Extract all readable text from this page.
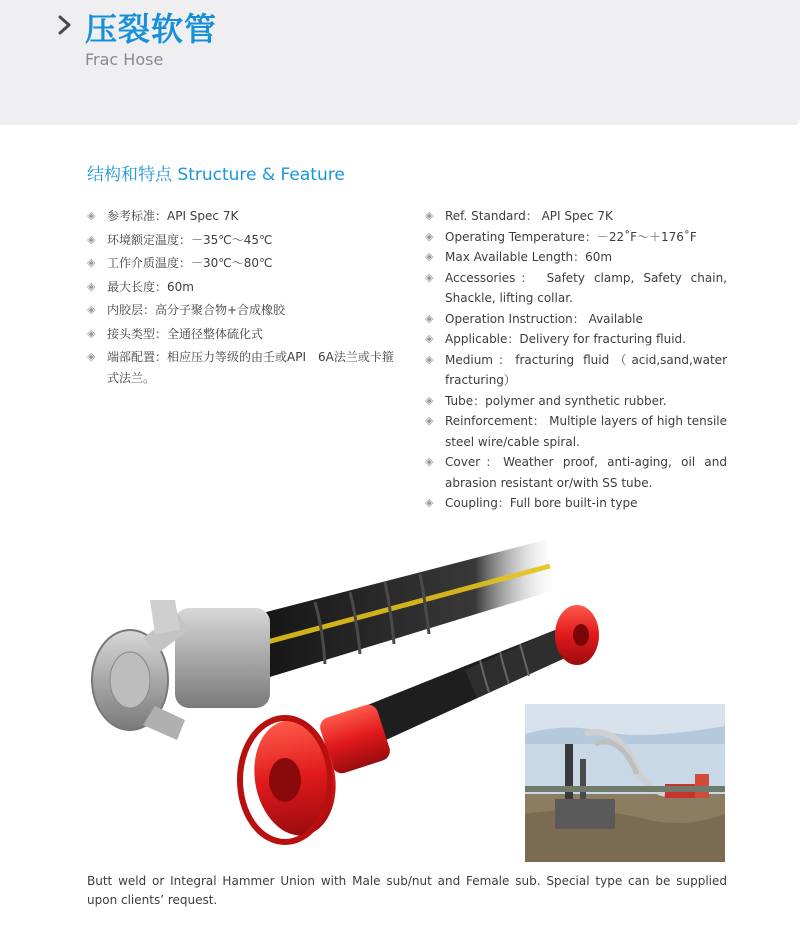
压裂软管
Frac Hose
结构和特点 Structure & Feature
◈ 参考标准：API Spec 7K
◈ 环境额定温度：－35℃～45℃
◈ 工作介质温度：－30℃～80℃
◈ 最大长度：60m
◈ 内胶层：高分子聚合物+合成橡胶
◈ 接头类型：全通径整体硫化式
◈ 端部配置：相应压力等级的由壬或API　6A法兰或卡箍式法兰。
◈ Ref. Standard： API Spec 7K
◈ Operating Temperature：－22˚F～＋176˚F
◈ Max Available Length：60m
◈ Accessories： Safety clamp, Safety chain, Shackle, lifting collar.
◈ Operation Instruction： Available
◈ Applicable：Delivery for fracturing fluid.
◈ Medium：fracturing fluid（acid,sand,water fracturing）
◈ Tube：polymer and synthetic rubber.
◈ Reinforcement： Multiple layers of high tensile steel wire/cable spiral.
◈ Cover：Weather proof, anti-aging, oil and abrasion resistant or/with SS tube.
◈ Coupling：Full bore built-in type
Butt weld or Integral Hammer Union with Male sub/nut and Female sub. Special type can be supplied upon clients’ request.
